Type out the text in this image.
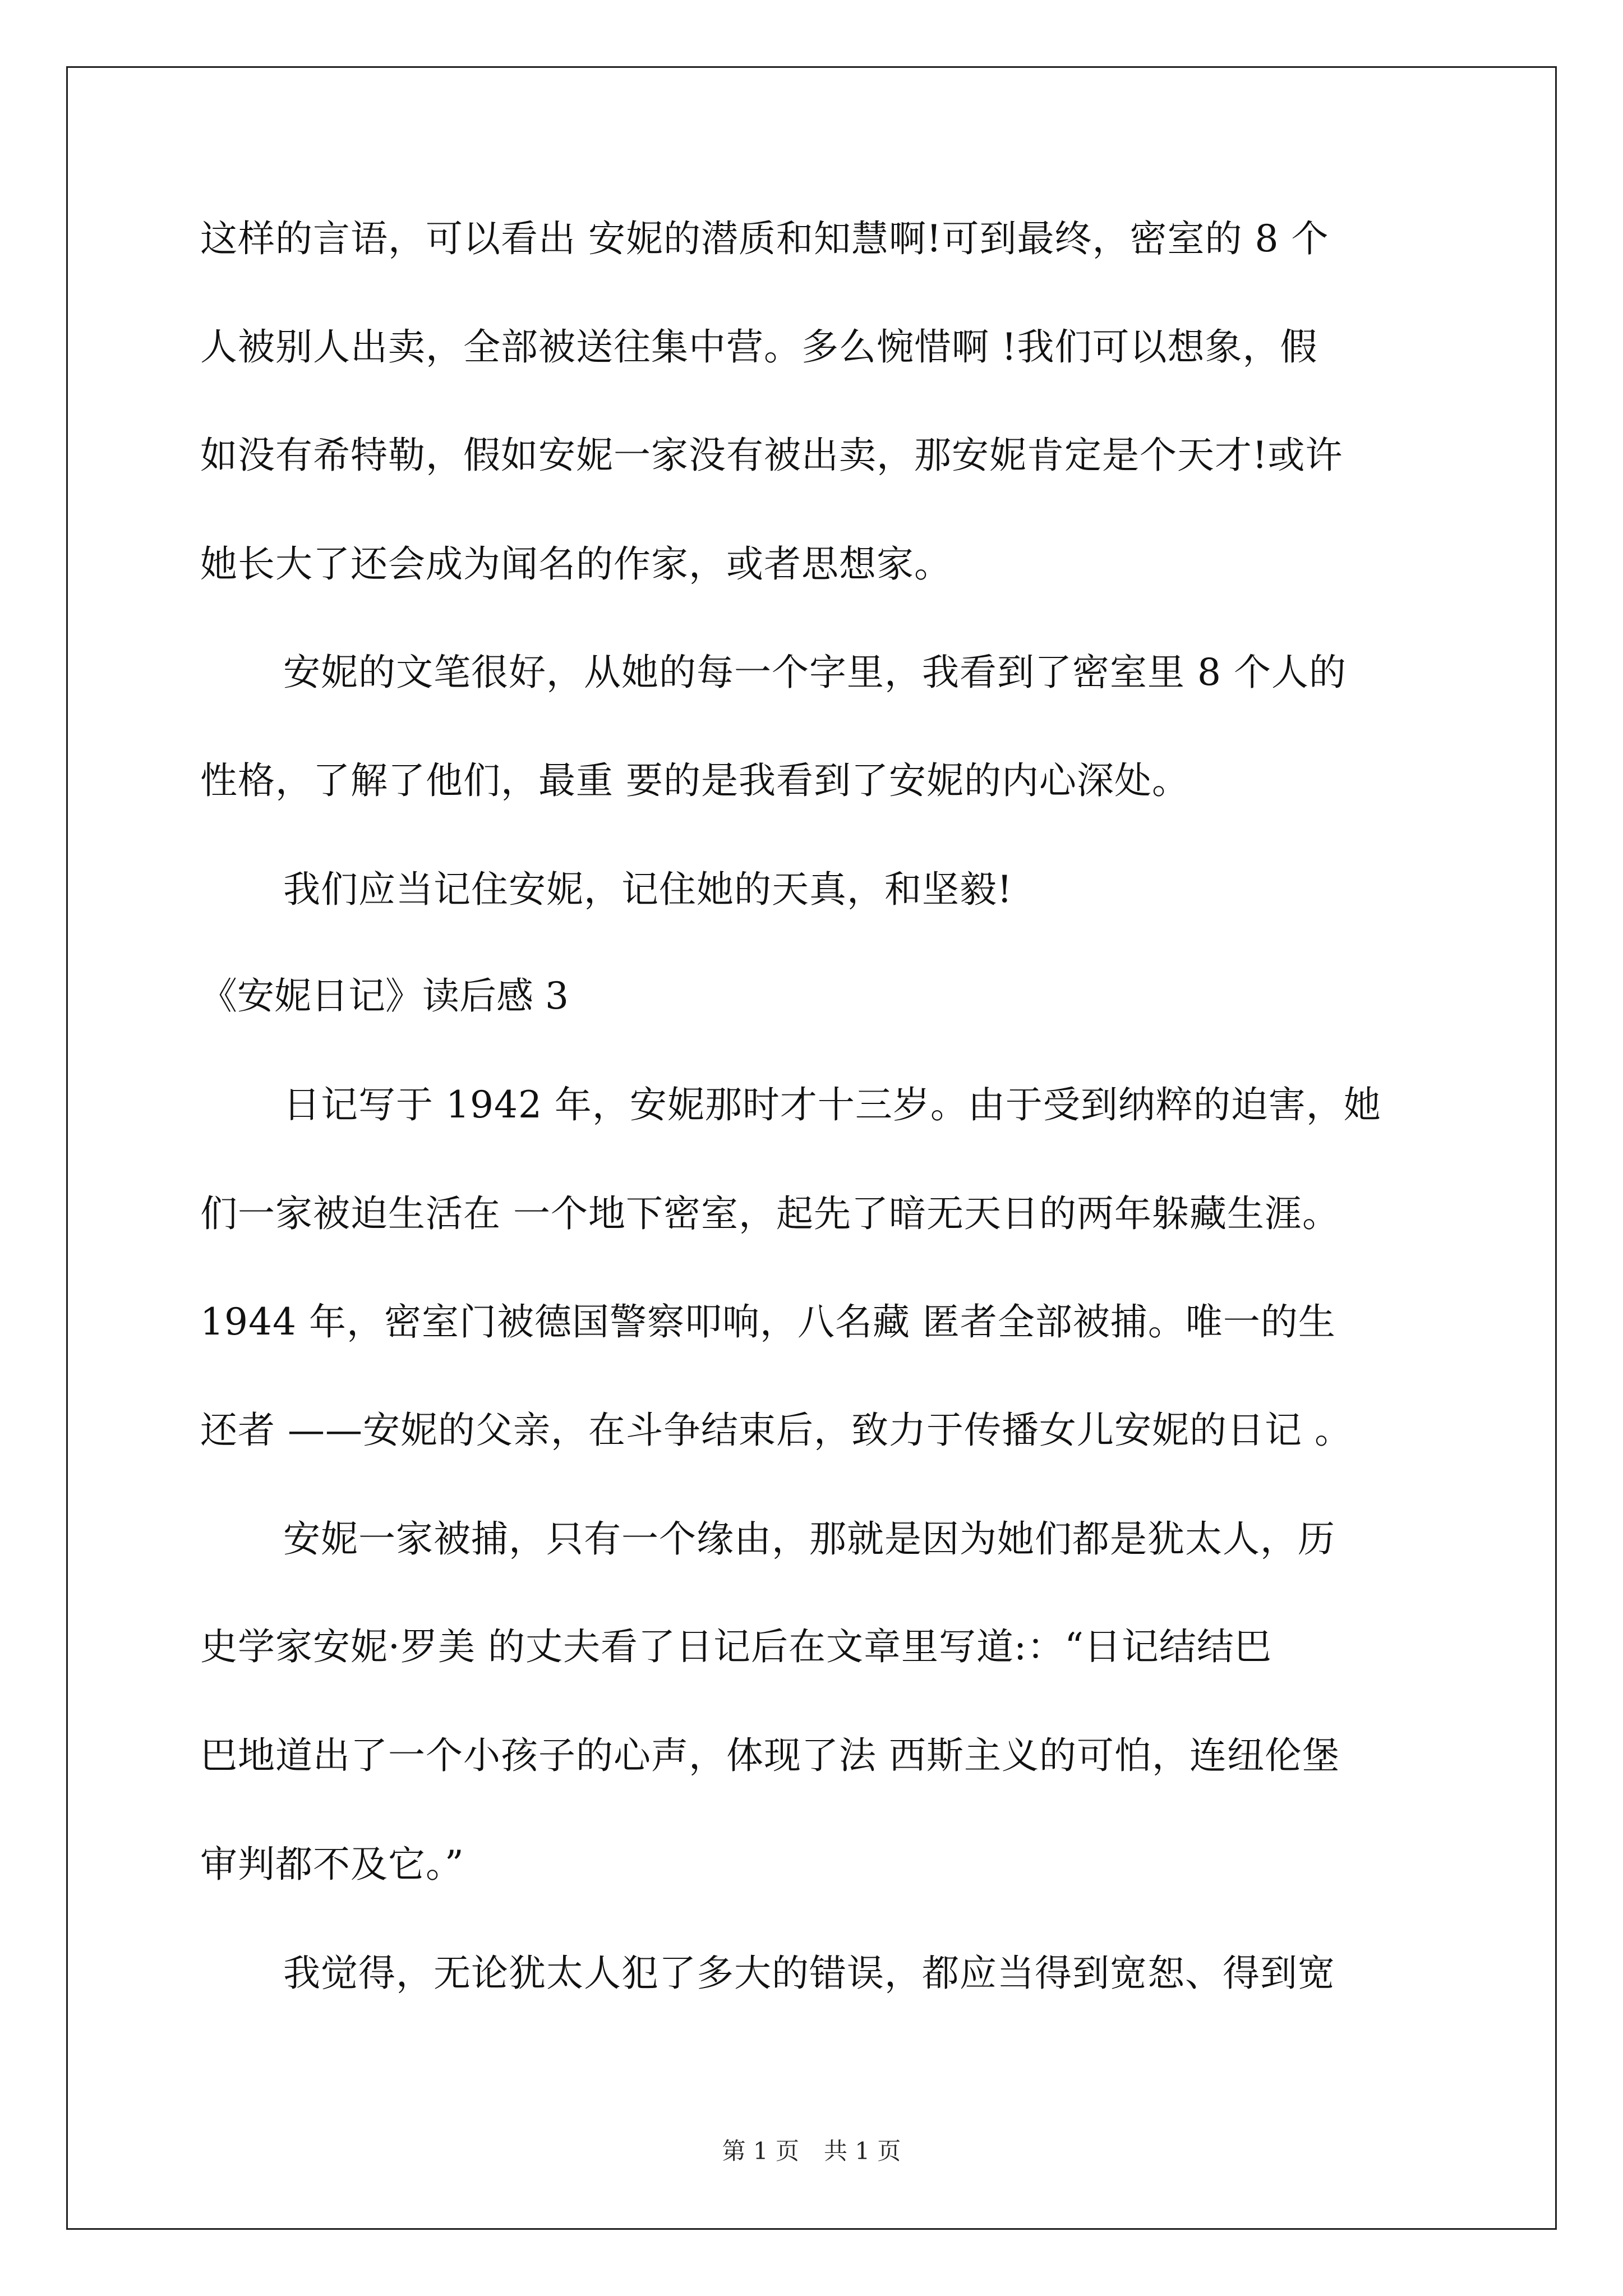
这样的言语，可以看出 安妮的潜质和知慧啊!可到最终，密室的 8 个
人被别人出卖，全部被送往集中营。多么惋惜啊 !我们可以想象，假
如没有希特勒，假如安妮一家没有被出卖，那安妮肯定是个天才!或许
她长大了还会成为闻名的作家，或者思想家。
安妮的文笔很好，从她的每一个字里，我看到了密室里 8 个人的
性格，了解了他们，最重 要的是我看到了安妮的内心深处。
我们应当记住安妮，记住她的天真，和坚毅!
《安妮日记》读后感 3
日记写于 1942 年，安妮那时才十三岁。由于受到纳粹的迫害，她
们一家被迫生活在 一个地下密室，起先了暗无天日的两年躲藏生涯。
1944 年，密室门被德国警察叩响，八名藏 匿者全部被捕。唯一的生
还者 ——安妮的父亲，在斗争结束后，致力于传播女儿安妮的日记 。
安妮一家被捕，只有一个缘由，那就是因为她们都是犹太人，历
史学家安妮·罗美 的丈夫看了日记后在文章里写道:：“日记结结巴
巴地道出了一个小孩子的心声，体现了法 西斯主义的可怕，连纽伦堡
审判都不及它。”
我觉得，无论犹太人犯了多大的错误，都应当得到宽恕、得到宽
第 1 页 共 1 页
